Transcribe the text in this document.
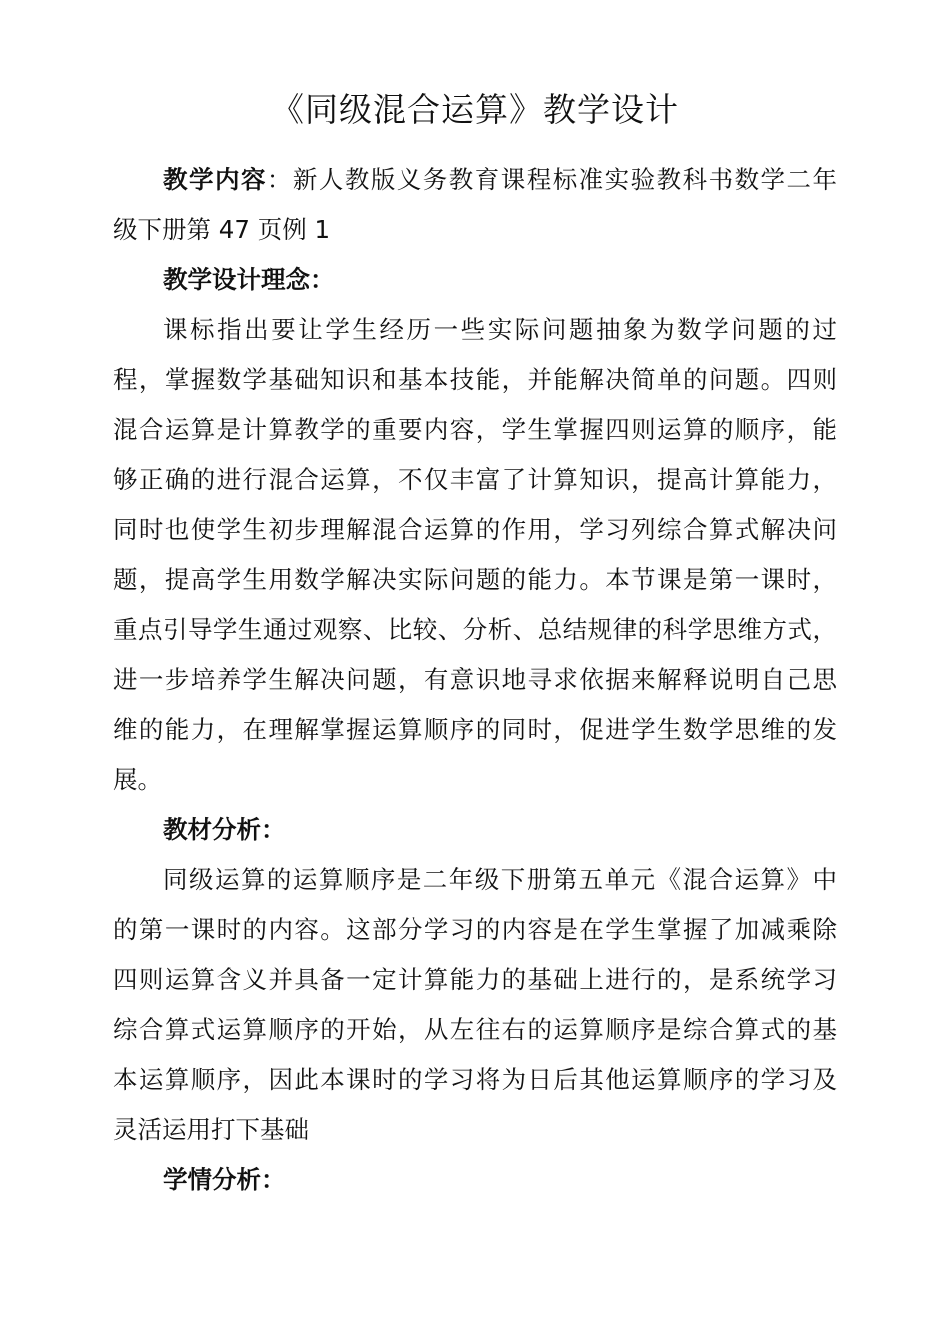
《同级混合运算》教学设计
教学内容：新人教版义务教育课程标准实验教科书数学二年
级下册第 47 页例 1
教学设计理念：
课标指出要让学生经历一些实际问题抽象为数学问题的过
程，掌握数学基础知识和基本技能，并能解决简单的问题。四则
混合运算是计算教学的重要内容，学生掌握四则运算的顺序，能
够正确的进行混合运算，不仅丰富了计算知识，提高计算能力，
同时也使学生初步理解混合运算的作用，学习列综合算式解决问
题，提高学生用数学解决实际问题的能力。本节课是第一课时，
重点引导学生通过观察、比较、分析、总结规律的科学思维方式，
进一步培养学生解决问题，有意识地寻求依据来解释说明自己思
维的能力，在理解掌握运算顺序的同时，促进学生数学思维的发
展。
教材分析：
同级运算的运算顺序是二年级下册第五单元《混合运算》中
的第一课时的内容。这部分学习的内容是在学生掌握了加减乘除
四则运算含义并具备一定计算能力的基础上进行的，是系统学习
综合算式运算顺序的开始，从左往右的运算顺序是综合算式的基
本运算顺序，因此本课时的学习将为日后其他运算顺序的学习及
灵活运用打下基础
学情分析：
